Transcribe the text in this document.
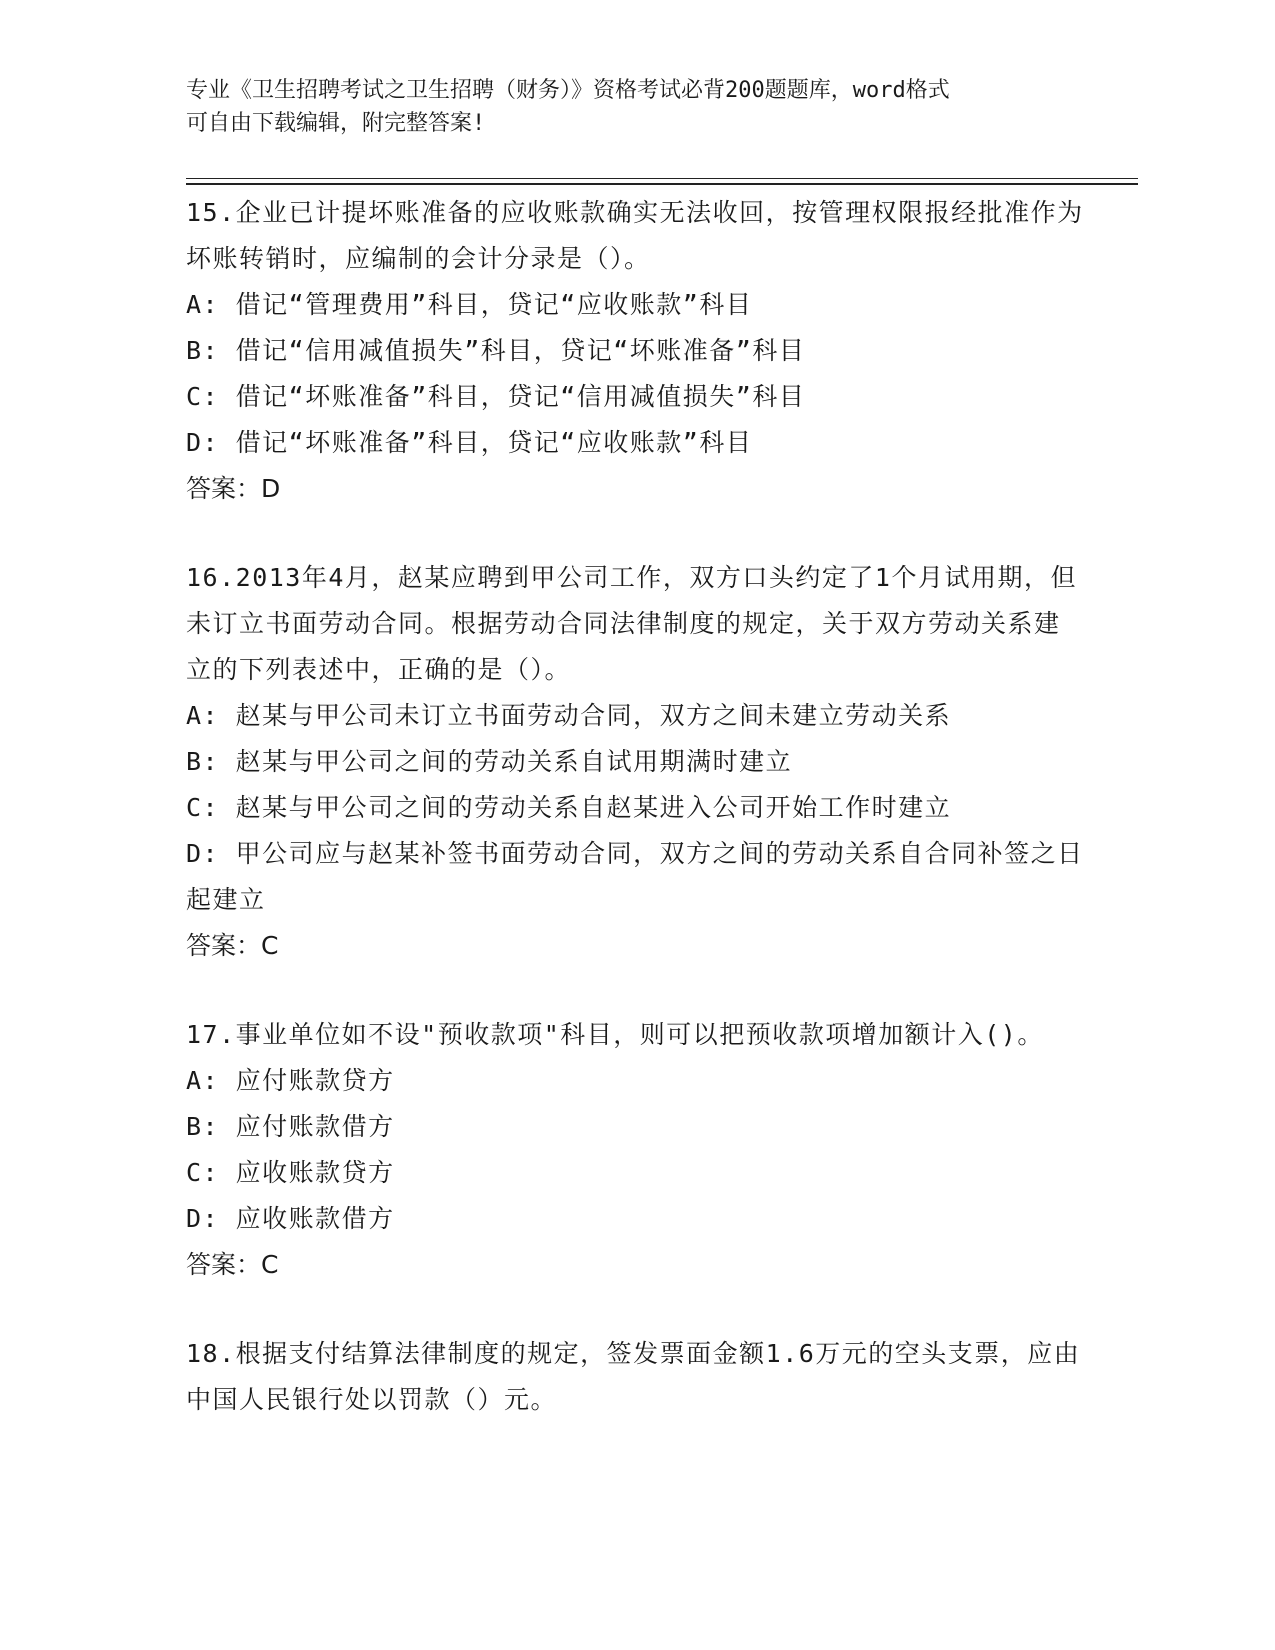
专业《卫生招聘考试之卫生招聘（财务）》资格考试必背200题题库，word格式
可自由下载编辑，附完整答案!
15.企业已计提坏账准备的应收账款确实无法收回，按管理权限报经批准作为坏账转销时，应编制的会计分录是（）。
A: 借记“管理费用”科目，贷记“应收账款”科目
B: 借记“信用减值损失”科目，贷记“坏账准备”科目
C: 借记“坏账准备”科目，贷记“信用减值损失”科目
D: 借记“坏账准备”科目，贷记“应收账款”科目
答案：D
16.2013年4月，赵某应聘到甲公司工作，双方口头约定了1个月试用期，但未订立书面劳动合同。根据劳动合同法律制度的规定，关于双方劳动关系建立的下列表述中，正确的是（）。
A: 赵某与甲公司未订立书面劳动合同，双方之间未建立劳动关系
B: 赵某与甲公司之间的劳动关系自试用期满时建立
C: 赵某与甲公司之间的劳动关系自赵某进入公司开始工作时建立
D: 甲公司应与赵某补签书面劳动合同，双方之间的劳动关系自合同补签之日起建立
答案：C
17.事业单位如不设"预收款项"科目，则可以把预收款项增加额计入()。
A: 应付账款贷方
B: 应付账款借方
C: 应收账款贷方
D: 应收账款借方
答案：C
18.根据支付结算法律制度的规定，签发票面金额1.6万元的空头支票，应由中国人民银行处以罚款（）元。
